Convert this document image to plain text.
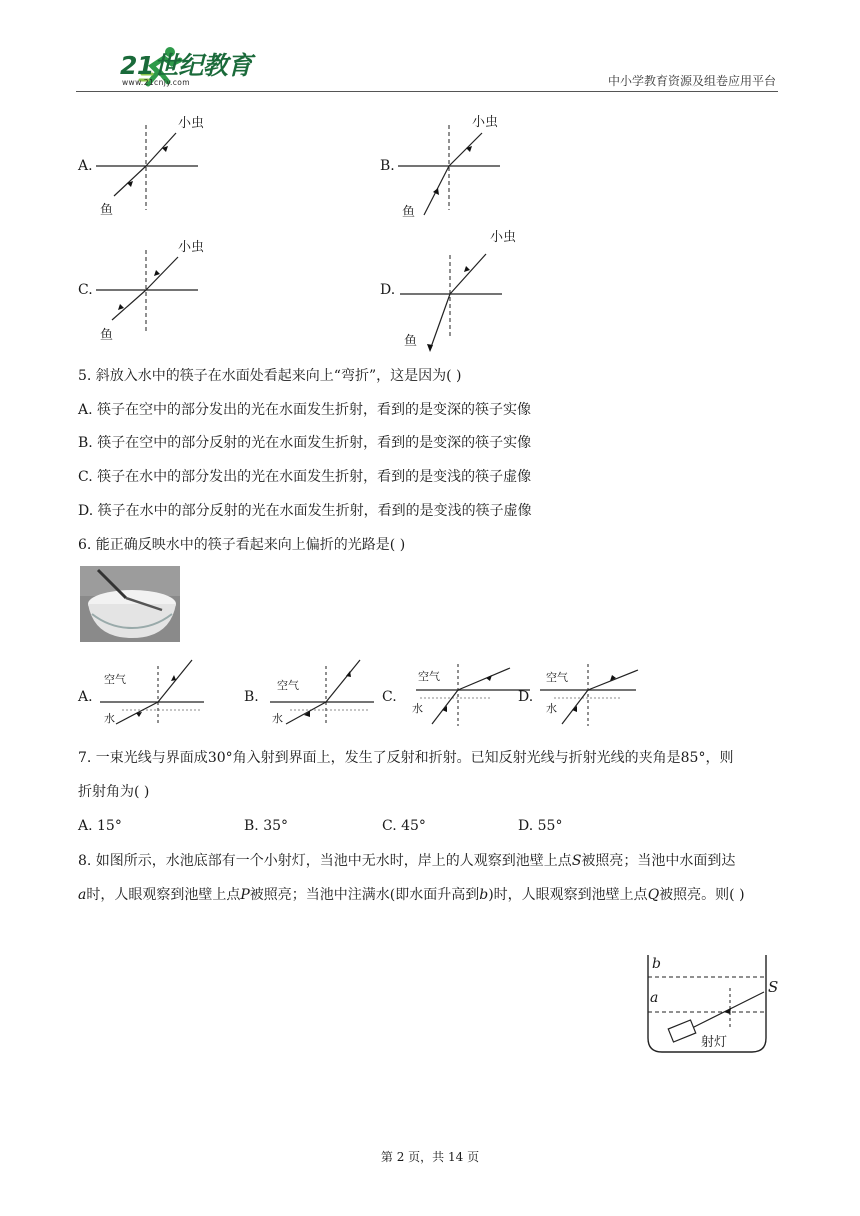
21世纪教育
www.21cnjy.com	中小学教育资源及组卷应用平台
A.	B.
C.	D.
小虫
鱼
小虫
鱼
小虫
鱼
小虫
鱼
5. 斜放入水中的筷子在水面处看起来向上“弯折”，这是因为( )
A. 筷子在空中的部分发出的光在水面发生折射，看到的是变深的筷子实像
B. 筷子在空中的部分反射的光在水面发生折射，看到的是变深的筷子实像
C. 筷子在水中的部分发出的光在水面发生折射，看到的是变浅的筷子虚像
D. 筷子在水中的部分反射的光在水面发生折射，看到的是变浅的筷子虚像
6. 能正确反映水中的筷子看起来向上偏折的光路是( )
A.	B.	C.	D.
空气
水
空气
水
空气
水
空气
水
7. 一束光线与界面成30°角入射到界面上，发生了反射和折射。已知反射光线与折射光线的夹角是85°，则
折射角为( )
A. 15°	B. 35°	C. 45°	D. 55°
8. 如图所示，水池底部有一个小射灯，当池中无水时，岸上的人观察到池壁上点S被照亮；当池中水面到达
a时，人眼观察到池壁上点P被照亮；当池中注满水(即水面升高到b)时，人眼观察到池壁上点Q被照亮。则( )
b
a
S
射灯
第 2 页，共 14 页
